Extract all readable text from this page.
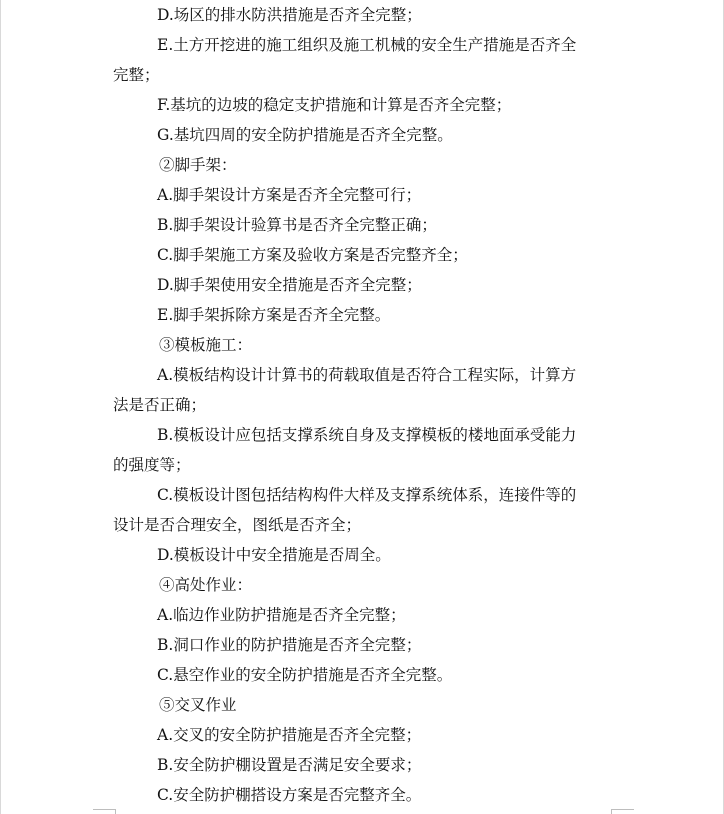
D.场区的排水防洪措施是否齐全完整；
E.土方开挖进的施工组织及施工机械的安全生产措施是否齐全
完整；
F.基坑的边坡的稳定支护措施和计算是否齐全完整；
G.基坑四周的安全防护措施是否齐全完整。
②脚手架：
A.脚手架设计方案是否齐全完整可行；
B.脚手架设计验算书是否齐全完整正确；
C.脚手架施工方案及验收方案是否完整齐全；
D.脚手架使用安全措施是否齐全完整；
E.脚手架拆除方案是否齐全完整。
③模板施工：
A.模板结构设计计算书的荷载取值是否符合工程实际，计算方
法是否正确；
B.模板设计应包括支撑系统自身及支撑模板的楼地面承受能力
的强度等；
C.模板设计图包括结构构件大样及支撑系统体系，连接件等的
设计是否合理安全，图纸是否齐全；
D.模板设计中安全措施是否周全。
④高处作业：
A.临边作业防护措施是否齐全完整；
B.洞口作业的防护措施是否齐全完整；
C.悬空作业的安全防护措施是否齐全完整。
⑤交叉作业
A.交叉的安全防护措施是否齐全完整；
B.安全防护棚设置是否满足安全要求；
C.安全防护棚搭设方案是否完整齐全。
